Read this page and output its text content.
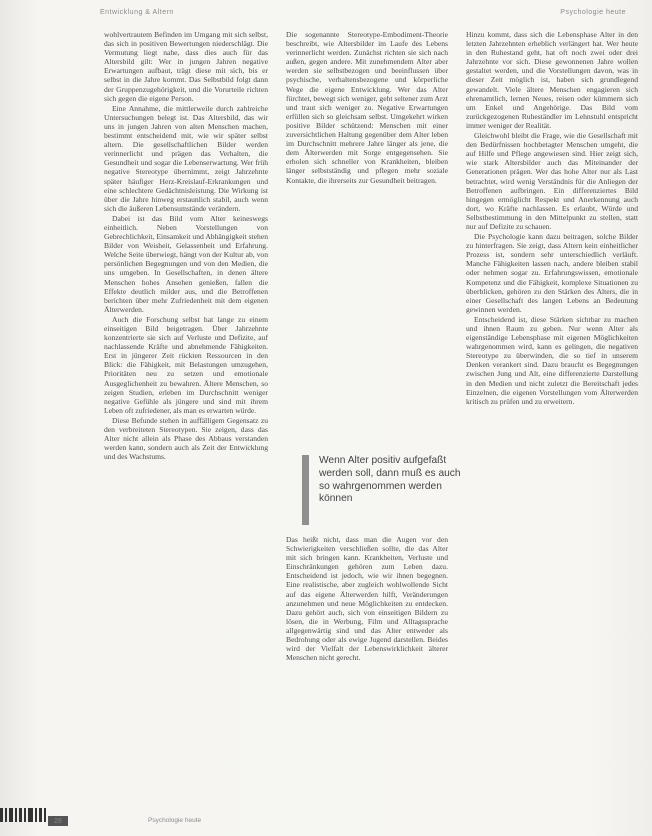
Entwicklung & Altern	Psychologie heute

wohlvertrautem Befinden im Umgang mit sich selbst, das sich in positiven Bewertungen niederschlägt. Die Vermutung liegt nahe, dass dies auch für das Altersbild gilt: Wer in jungen Jahren negative Erwartungen aufbaut, trägt diese mit sich, bis er selbst in die Jahre kommt. Das Selbstbild folgt dann der Gruppenzugehörigkeit, und die Vorurteile richten sich gegen die eigene Person.

Eine Annahme, die mittlerweile durch zahlreiche Untersuchungen belegt ist. Das Altersbild, das wir uns in jungen Jahren von alten Menschen machen, bestimmt entscheidend mit, wie wir später selbst altern. Die gesellschaftlichen Bilder werden verinnerlicht und prägen das Verhalten, die Gesundheit und sogar die Lebenserwartung. Wer früh negative Stereotype übernimmt, zeigt Jahrzehnte später häufiger Herz-Kreislauf-Erkrankungen und eine schlechtere Gedächtnisleistung. Die Wirkung ist über die Jahre hinweg erstaunlich stabil, auch wenn sich die äußeren Lebensumstände verändern.

Dabei ist das Bild vom Alter keineswegs einheitlich. Neben Vorstellungen von Gebrechlichkeit, Einsamkeit und Abhängigkeit stehen Bilder von Weisheit, Gelassenheit und Erfahrung. Welche Seite überwiegt, hängt von der Kultur ab, von persönlichen Begegnungen und von den Medien, die uns umgeben. In Gesellschaften, in denen ältere Menschen hohes Ansehen genießen, fallen die Effekte deutlich milder aus, und die Betroffenen berichten über mehr Zufriedenheit mit dem eigenen Älterwerden.

Auch die Forschung selbst hat lange zu einem einseitigen Bild beigetragen. Über Jahrzehnte konzentrierte sie sich auf Verluste und Defizite, auf nachlassende Kräfte und abnehmende Fähigkeiten. Erst in jüngerer Zeit rückten Ressourcen in den Blick: die Fähigkeit, mit Belastungen umzugehen, Prioritäten neu zu setzen und emotionale Ausgeglichenheit zu bewahren. Ältere Menschen, so zeigen Studien, erleben im Durchschnitt weniger negative Gefühle als jüngere und sind mit ihrem Leben oft zufriedener, als man es erwarten würde.

Diese Befunde stehen in auffälligem Gegensatz zu den verbreiteten Stereotypen. Sie zeigen, dass das Alter nicht allein als Phase des Abbaus verstanden werden kann, sondern auch als Zeit der Entwicklung und des Wachstums.

Die sogenannte Stereotype-Embodiment-Theorie beschreibt, wie Altersbilder im Laufe des Lebens verinnerlicht werden. Zunächst richten sie sich nach außen, gegen andere. Mit zunehmendem Alter aber werden sie selbstbezogen und beeinflussen über psychische, verhaltensbezogene und körperliche Wege die eigene Entwicklung. Wer das Alter fürchtet, bewegt sich weniger, geht seltener zum Arzt und traut sich weniger zu. Negative Erwartungen erfüllen sich so gleichsam selbst. Umgekehrt wirken positive Bilder schützend: Menschen mit einer zuversichtlichen Haltung gegenüber dem Alter leben im Durchschnitt mehrere Jahre länger als jene, die dem Älterwerden mit Sorge entgegensehen. Sie erholen sich schneller von Krankheiten, bleiben länger selbstständig und pflegen mehr soziale Kontakte, die ihrerseits zur Gesundheit beitragen.

Wenn Alter positiv aufgefaßt werden soll, dann muß es auch so wahrgenommen werden können

Das heißt nicht, dass man die Augen vor den Schwierigkeiten verschließen sollte, die das Alter mit sich bringen kann. Krankheiten, Verluste und Einschränkungen gehören zum Leben dazu. Entscheidend ist jedoch, wie wir ihnen begegnen. Eine realistische, aber zugleich wohlwollende Sicht auf das eigene Älterwerden hilft, Veränderungen anzunehmen und neue Möglichkeiten zu entdecken. Dazu gehört auch, sich von einseitigen Bildern zu lösen, die in Werbung, Film und Alltagssprache allgegenwärtig sind und das Alter entweder als Bedrohung oder als ewige Jugend darstellen. Beides wird der Vielfalt der Lebenswirklichkeit älterer Menschen nicht gerecht.

Hinzu kommt, dass sich die Lebensphase Alter in den letzten Jahrzehnten erheblich verlängert hat. Wer heute in den Ruhestand geht, hat oft noch zwei oder drei Jahrzehnte vor sich. Diese gewonnenen Jahre wollen gestaltet werden, und die Vorstellungen davon, was in dieser Zeit möglich ist, haben sich grundlegend gewandelt. Viele ältere Menschen engagieren sich ehrenamtlich, lernen Neues, reisen oder kümmern sich um Enkel und Angehörige. Das Bild vom zurückgezogenen Ruheständler im Lehnstuhl entspricht immer weniger der Realität.

Gleichwohl bleibt die Frage, wie die Gesellschaft mit den Bedürfnissen hochbetagter Menschen umgeht, die auf Hilfe und Pflege angewiesen sind. Hier zeigt sich, wie stark Altersbilder auch das Miteinander der Generationen prägen. Wer das hohe Alter nur als Last betrachtet, wird wenig Verständnis für die Anliegen der Betroffenen aufbringen. Ein differenziertes Bild hingegen ermöglicht Respekt und Anerkennung auch dort, wo Kräfte nachlassen. Es erlaubt, Würde und Selbstbestimmung in den Mittelpunkt zu stellen, statt nur auf Defizite zu schauen.

Die Psychologie kann dazu beitragen, solche Bilder zu hinterfragen. Sie zeigt, dass Altern kein einheitlicher Prozess ist, sondern sehr unterschiedlich verläuft. Manche Fähigkeiten lassen nach, andere bleiben stabil oder nehmen sogar zu. Erfahrungswissen, emotionale Kompetenz und die Fähigkeit, komplexe Situationen zu überblicken, gehören zu den Stärken des Alters, die in einer Gesellschaft des langen Lebens an Bedeutung gewinnen werden.

Entscheidend ist, diese Stärken sichtbar zu machen und ihnen Raum zu geben. Nur wenn Alter als eigenständige Lebensphase mit eigenen Möglichkeiten wahrgenommen wird, kann es gelingen, die negativen Stereotype zu überwinden, die so tief in unserem Denken verankert sind. Dazu braucht es Begegnungen zwischen Jung und Alt, eine differenzierte Darstellung in den Medien und nicht zuletzt die Bereitschaft jedes Einzelnen, die eigenen Vorstellungen vom Älterwerden kritisch zu prüfen und zu erweitern.

28	Psychologie heute
